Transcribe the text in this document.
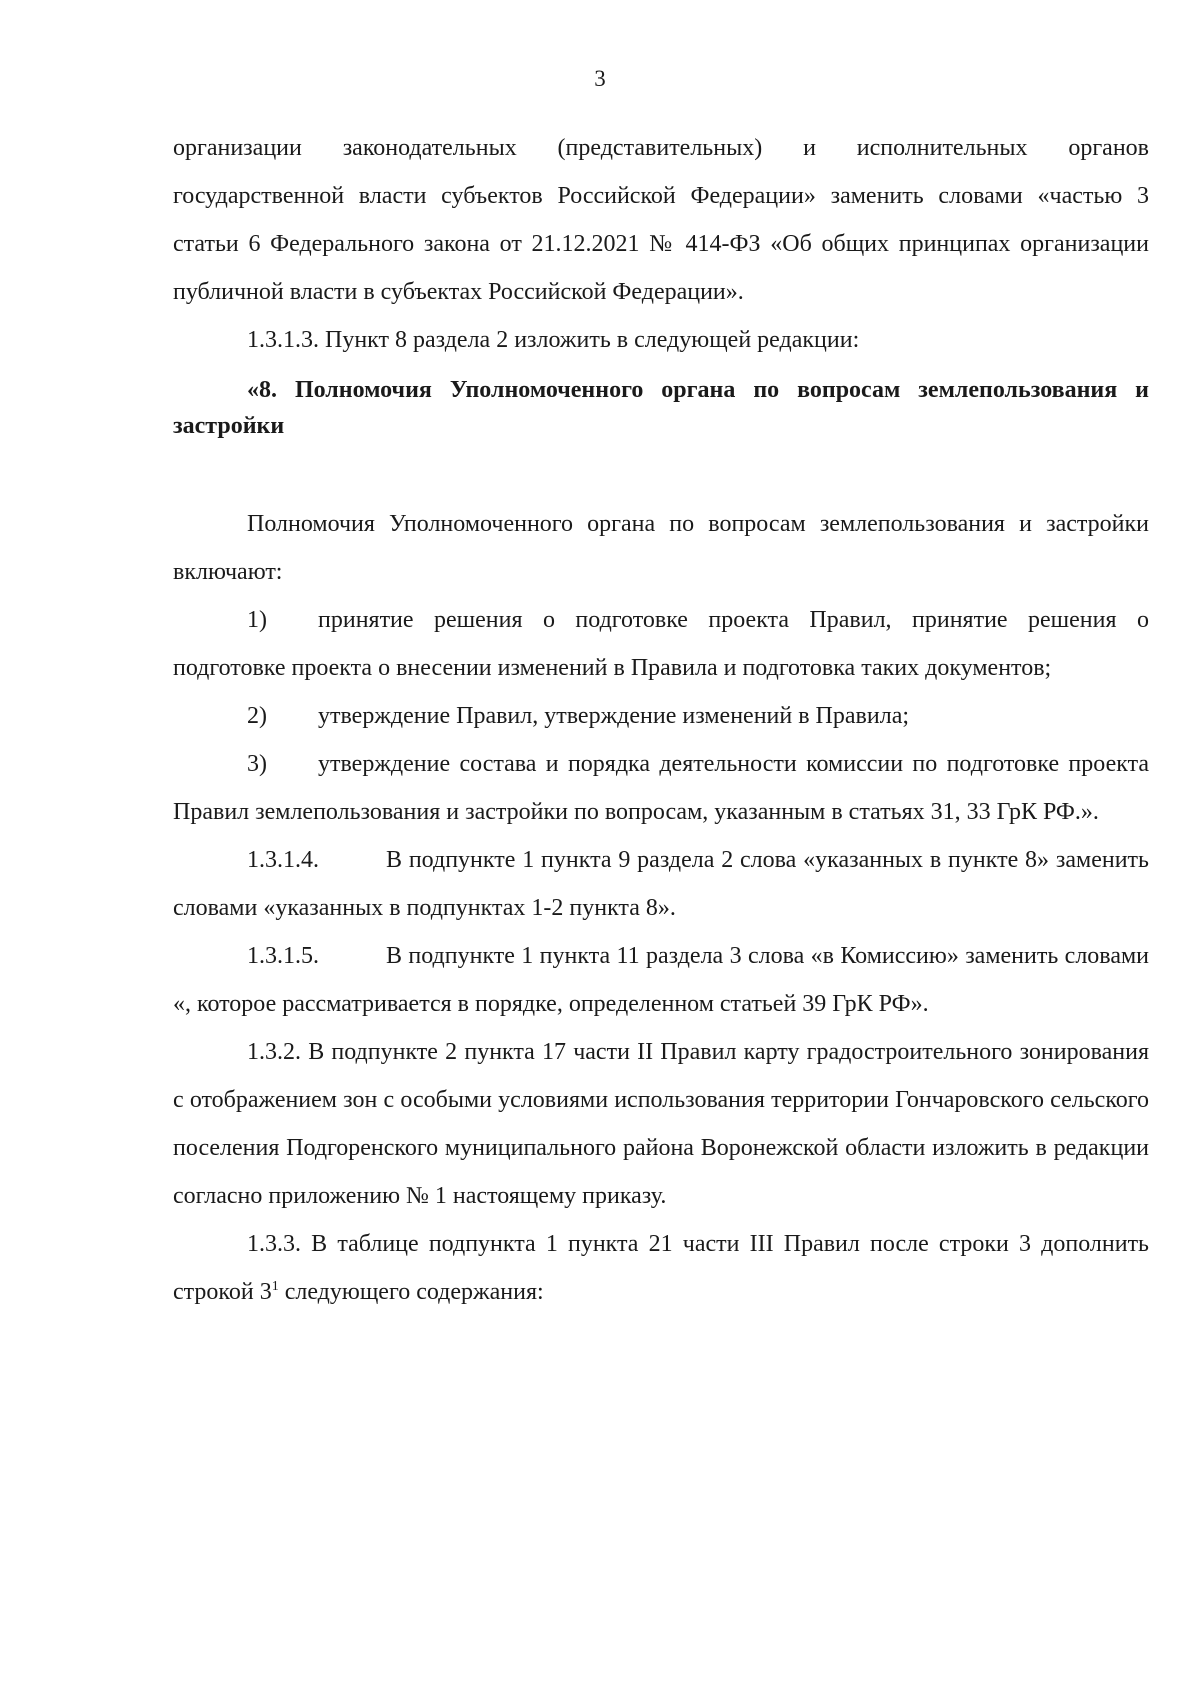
3

организации законодательных (представительных) и исполнительных органов государственной власти субъектов Российской Федерации» заменить словами «частью 3 статьи 6 Федерального закона от 21.12.2021 № 414-ФЗ «Об общих принципах организации публичной власти в субъектах Российской Федерации».

1.3.1.3. Пункт 8 раздела 2 изложить в следующей редакции:

«8. Полномочия Уполномоченного органа по вопросам землепользования и застройки

Полномочия Уполномоченного органа по вопросам землепользования и застройки включают:

1) принятие решения о подготовке проекта Правил, принятие решения о подготовке проекта о внесении изменений в Правила и подготовка таких документов;

2) утверждение Правил, утверждение изменений в Правила;

3) утверждение состава и порядка деятельности комиссии по подготовке проекта Правил землепользования и застройки по вопросам, указанным в статьях 31, 33 ГрК РФ.».

1.3.1.4.	В подпункте 1 пункта 9 раздела 2 слова «указанных в пункте 8» заменить словами «указанных в подпунктах 1-2 пункта 8».

1.3.1.5.	В подпункте 1 пункта 11 раздела 3 слова «в Комиссию» заменить словами «, которое рассматривается в порядке, определенном статьей 39 ГрК РФ».

1.3.2. В подпункте 2 пункта 17 части II Правил карту градостроительного зонирования с отображением зон с особыми условиями использования территории Гончаровского сельского поселения Подгоренского муниципального района Воронежской области изложить в редакции согласно приложению № 1 настоящему приказу.

1.3.3. В таблице подпункта 1 пункта 21 части III Правил после строки 3 дополнить строкой $3^1$ следующего содержания:
